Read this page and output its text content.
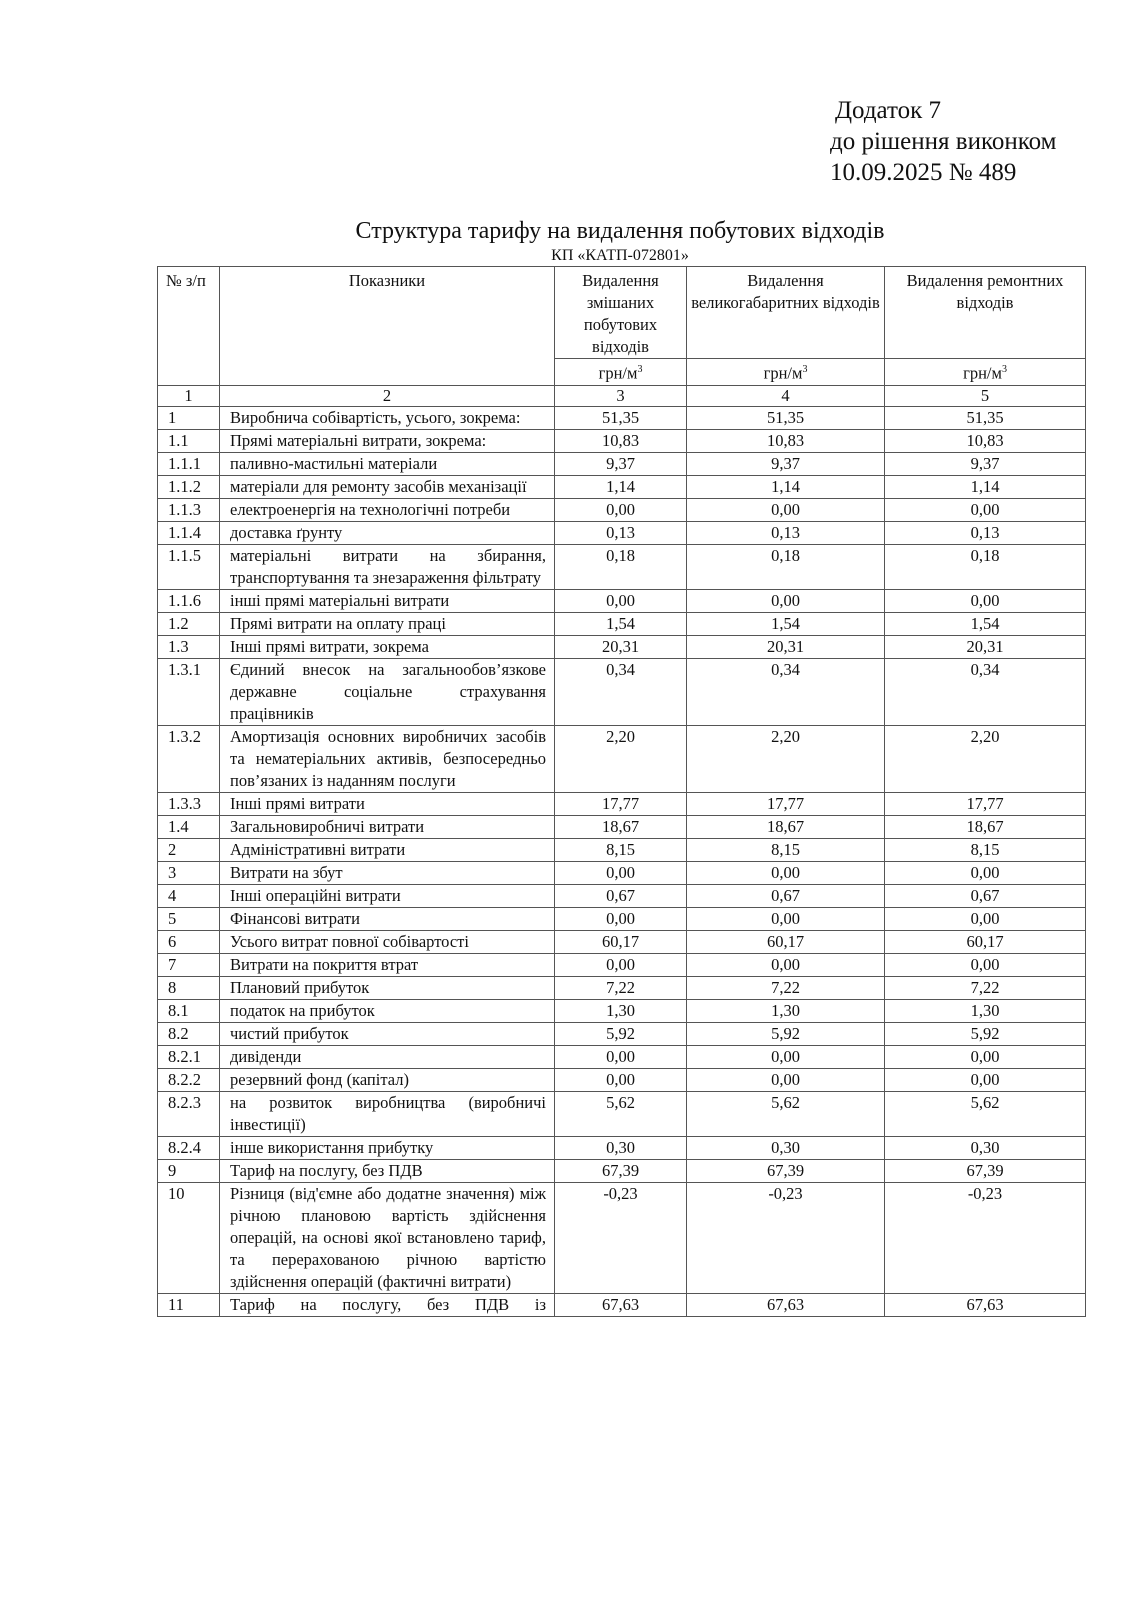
Додаток 7
до рішення виконком
10.09.2025 № 489
Структура тарифу на видалення побутових відходів
КП «КАТП-072801»
№ з/п	Показники	Видалення змішаних побутових відходів	Видалення великогабаритних відходів	Видалення ремонтних відходів
		грн/$м^3$	грн/$м^3$	грн/$м^3$
1	2	3	4	5
1	Виробнича собівартість, усього, зокрема:	51,35	51,35	51,35
1.1	Прямі матеріальні витрати, зокрема:	10,83	10,83	10,83
1.1.1	паливно-мастильні матеріали	9,37	9,37	9,37
1.1.2	матеріали для ремонту засобів механізації	1,14	1,14	1,14
1.1.3	електроенергія на технологічні потреби	0,00	0,00	0,00
1.1.4	доставка ґрунту	0,13	0,13	0,13
1.1.5	матеріальні витрати на збирання, транспортування та знезараження фільтрату	0,18	0,18	0,18
1.1.6	інші прямі матеріальні витрати	0,00	0,00	0,00
1.2	Прямі витрати на оплату праці	1,54	1,54	1,54
1.3	Інші прямі витрати, зокрема	20,31	20,31	20,31
1.3.1	Єдиний внесок на загальнообов’язкове державне соціальне страхування працівників	0,34	0,34	0,34
1.3.2	Амортизація основних виробничих засобів та нематеріальних активів, безпосередньо пов’язаних із наданням послуги	2,20	2,20	2,20
1.3.3	Інші прямі витрати	17,77	17,77	17,77
1.4	Загальновиробничі витрати	18,67	18,67	18,67
2	Адміністративні витрати	8,15	8,15	8,15
3	Витрати на збут	0,00	0,00	0,00
4	Інші операційні витрати	0,67	0,67	0,67
5	Фінансові витрати	0,00	0,00	0,00
6	Усього витрат повної собівартості	60,17	60,17	60,17
7	Витрати на покриття втрат	0,00	0,00	0,00
8	Плановий прибуток	7,22	7,22	7,22
8.1	податок на прибуток	1,30	1,30	1,30
8.2	чистий прибуток	5,92	5,92	5,92
8.2.1	дивіденди	0,00	0,00	0,00
8.2.2	резервний фонд (капітал)	0,00	0,00	0,00
8.2.3	на розвиток виробництва (виробничі інвестиції)	5,62	5,62	5,62
8.2.4	інше використання прибутку	0,30	0,30	0,30
9	Тариф на послугу, без ПДВ	67,39	67,39	67,39
10	Різниця (від'ємне або додатне значення) між річною плановою вартість здійснення операцій, на основі якої встановлено тариф, та перерахованою річною вартістю здійснення операцій (фактичні витрати)	-0,23	-0,23	-0,23
11	Тариф на послугу, без ПДВ із	67,63	67,63	67,63
